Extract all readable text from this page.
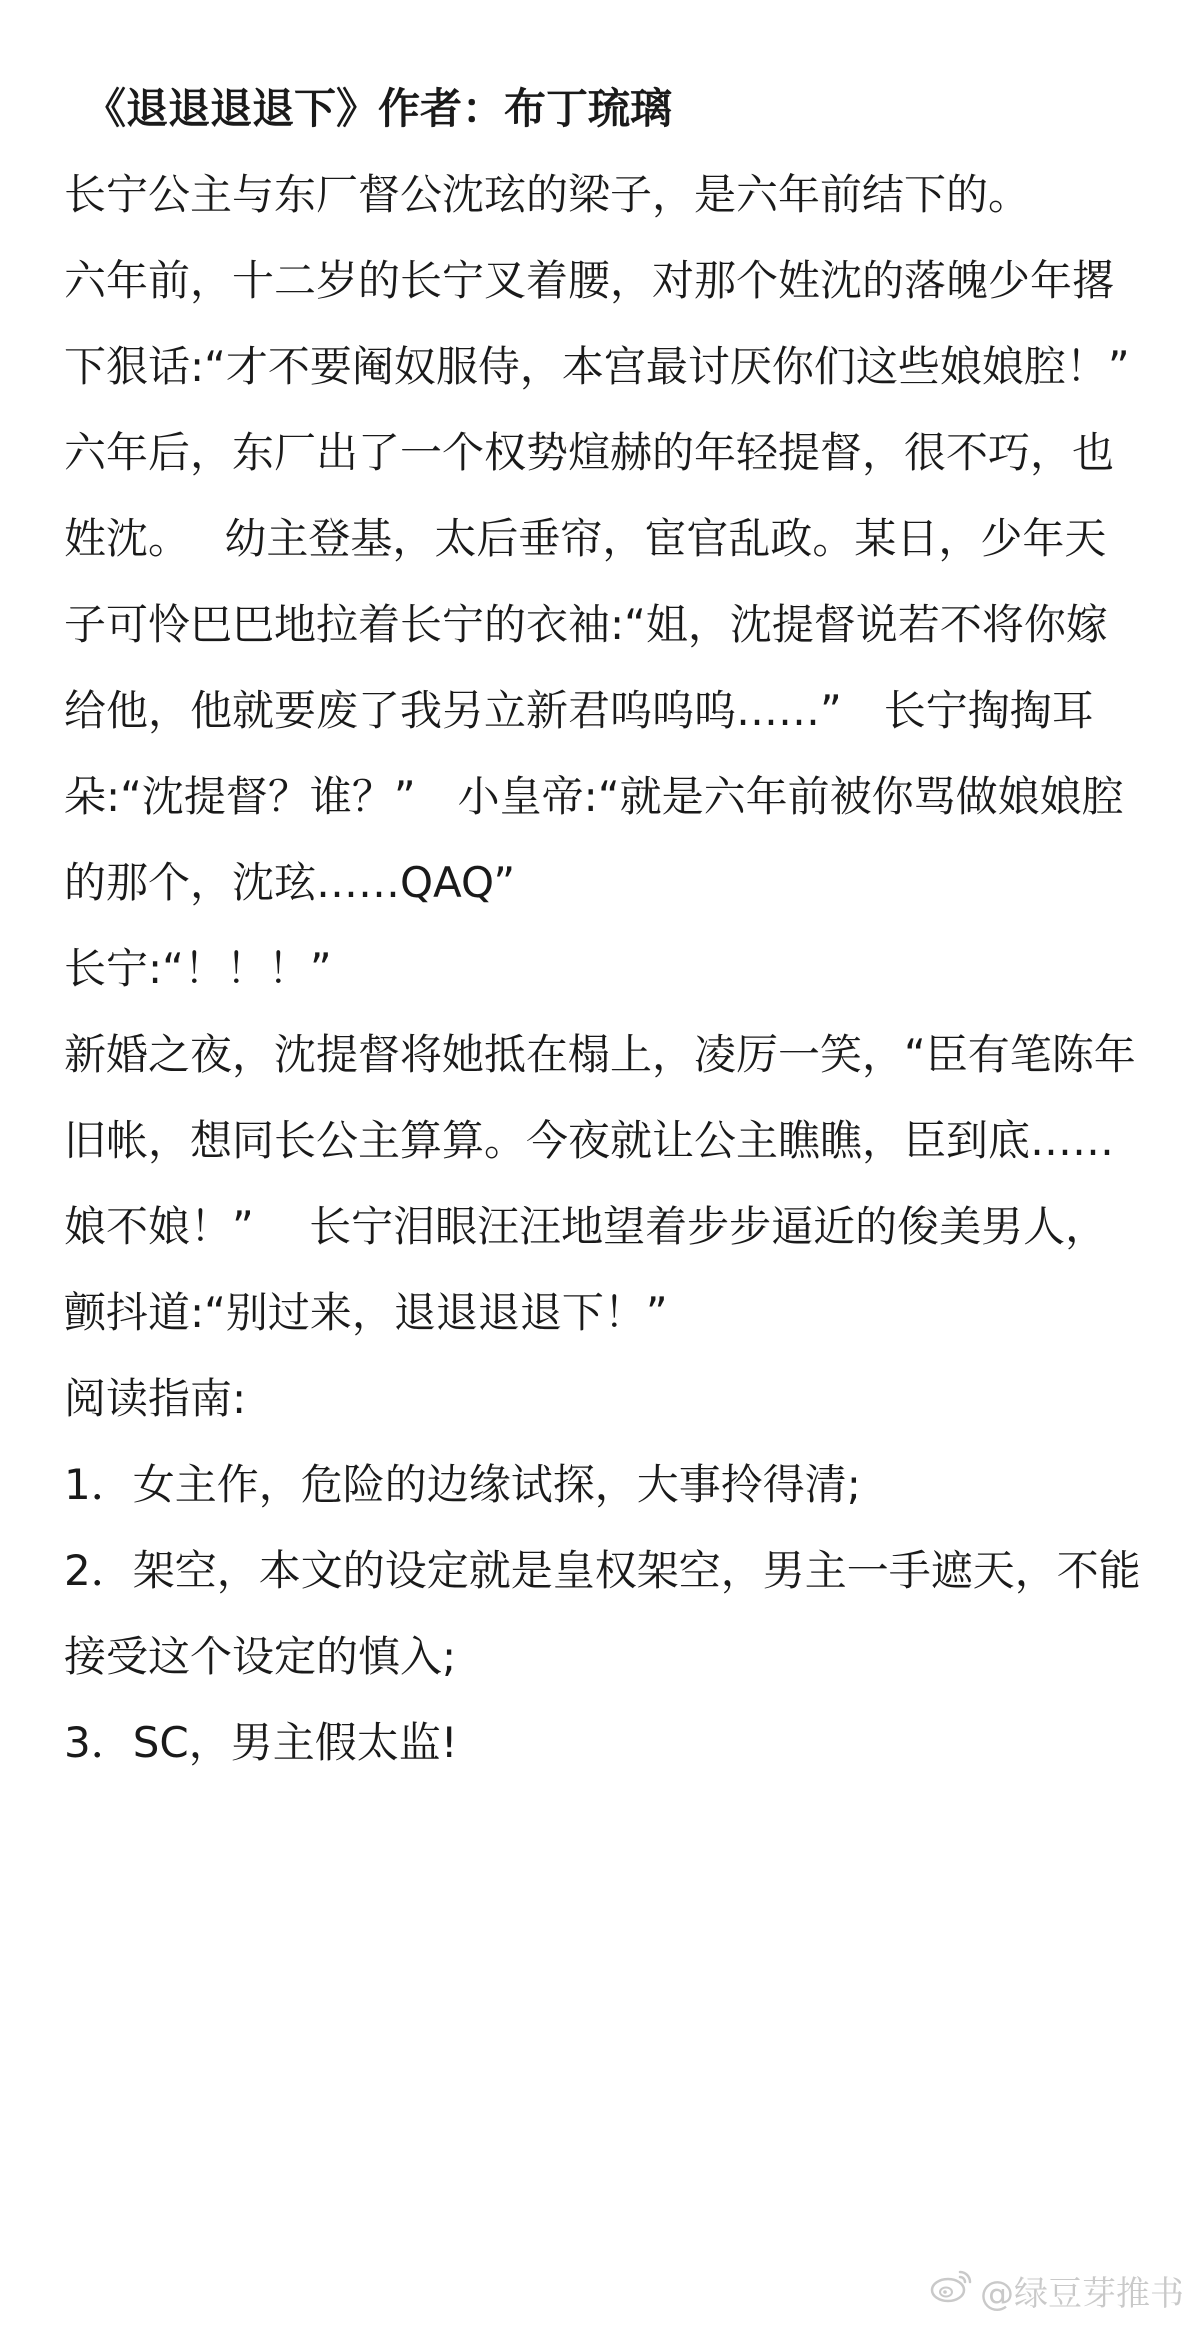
《退退退退下》作者：布丁琉璃

长宁公主与东厂督公沈玹的梁子，是六年前结下的。

六年前，十二岁的长宁叉着腰，对那个姓沈的落魄少年撂下狠话:“才不要阉奴服侍，本宫最讨厌你们这些娘娘腔！”

六年后，东厂出了一个权势煊赫的年轻提督，很不巧，也姓沈。　 幼主登基，太后垂帘，宦官乱政。某日，少年天子可怜巴巴地拉着长宁的衣袖:“姐，沈提督说若不将你嫁给他，他就要废了我另立新君呜呜呜……”　长宁掏掏耳朵:“沈提督？谁？”　小皇帝:“就是六年前被你骂做娘娘腔的那个，沈玹……QAQ”

长宁:“！！！”

新婚之夜，沈提督将她抵在榻上，凌厉一笑，“臣有笔陈年旧帐，想同长公主算算。今夜就让公主瞧瞧，臣到底……娘不娘！”　 长宁泪眼汪汪地望着步步逼近的俊美男人，颤抖道:“别过来，退退退退下！”

阅读指南:

1．女主作，危险的边缘试探，大事拎得清;

2．架空，本文的设定就是皇权架空，男主一手遮天，不能接受这个设定的慎入;

3．SC，男主假太监!

@绿豆芽推书
